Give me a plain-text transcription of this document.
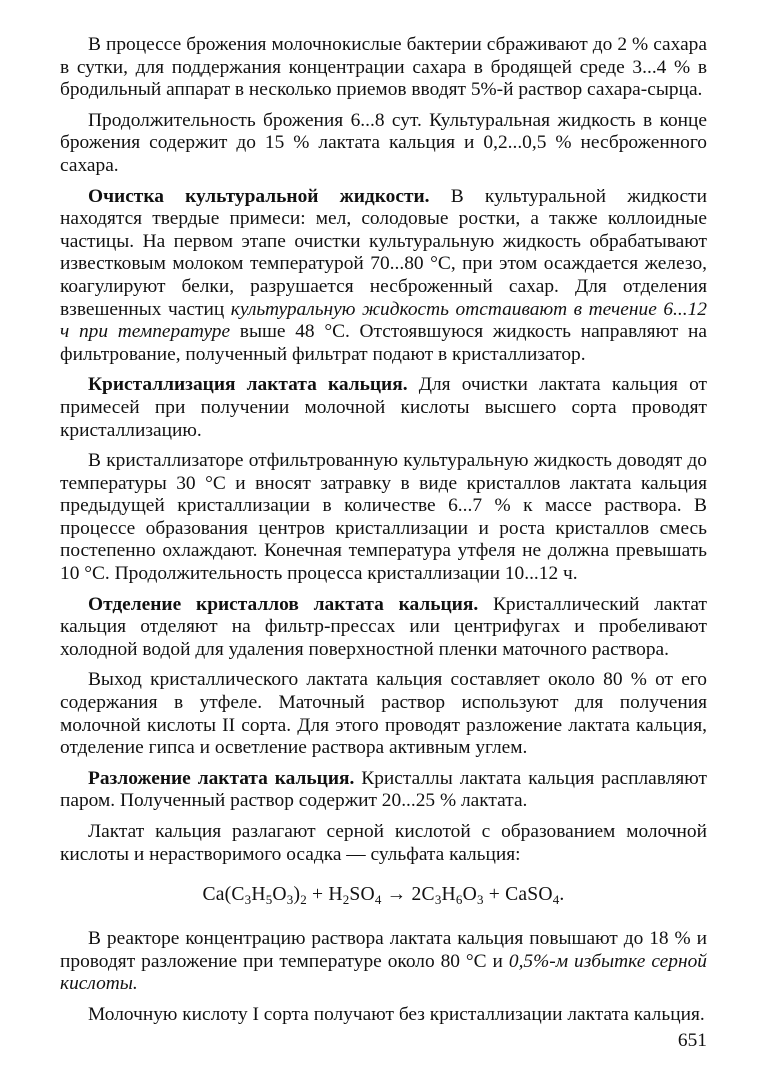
В процессе брожения молочнокислые бактерии сбраживают до 2 % сахара в сутки, для поддержания концентрации сахара в бродящей среде 3...4 % в бродильный аппарат в несколько приемов вводят 5%-й раствор сахара-сырца.

Продолжительность брожения 6...8 сут. Культуральная жидкость в конце брожения содержит до 15 % лактата кальция и 0,2...0,5 % несброженного сахара.

Очистка культуральной жидкости. В культуральной жидкости находятся твердые примеси: мел, солодовые ростки, а также коллоидные частицы. На первом этапе очистки культуральную жидкость обрабатывают известковым молоком температурой 70...80 °С, при этом осаждается железо, коагулируют белки, разрушается несброженный сахар. Для отделения взвешенных частиц культуральную жидкость отстаивают в течение 6...12 ч при температуре выше 48 °С. Отстоявшуюся жидкость направляют на фильтрование, полученный фильтрат подают в кристаллизатор.

Кристаллизация лактата кальция. Для очистки лактата кальция от примесей при получении молочной кислоты высшего сорта проводят кристаллизацию.

В кристаллизаторе отфильтрованную культуральную жидкость доводят до температуры 30 °С и вносят затравку в виде кристаллов лактата кальция предыдущей кристаллизации в количестве 6...7 % к массе раствора. В процессе образования центров кристаллизации и роста кристаллов смесь постепенно охлаждают. Конечная температура утфеля не должна превышать 10 °С. Продолжительность процесса кристаллизации 10...12 ч.

Отделение кристаллов лактата кальция. Кристаллический лактат кальция отделяют на фильтр-прессах или центрифугах и пробеливают холодной водой для удаления поверхностной пленки маточного раствора.

Выход кристаллического лактата кальция составляет около 80 % от его содержания в утфеле. Маточный раствор используют для получения молочной кислоты II сорта. Для этого проводят разложение лактата кальция, отделение гипса и осветление раствора активным углем.

Разложение лактата кальция. Кристаллы лактата кальция расплавляют паром. Полученный раствор содержит 20...25 % лактата.

Лактат кальция разлагают серной кислотой с образованием молочной кислоты и нерастворимого осадка — сульфата кальция:

$Ca(C_3H_5O_3)_2 + H_2SO_4 \to 2C_3H_6O_3$ + CaSO$_4$.

В реакторе концентрацию раствора лактата кальция повышают до 18 % и проводят разложение при температуре около 80 °С и 0,5%-м избытке серной кислоты.

Молочную кислоту I сорта получают без кристаллизации лактата кальция.

651
